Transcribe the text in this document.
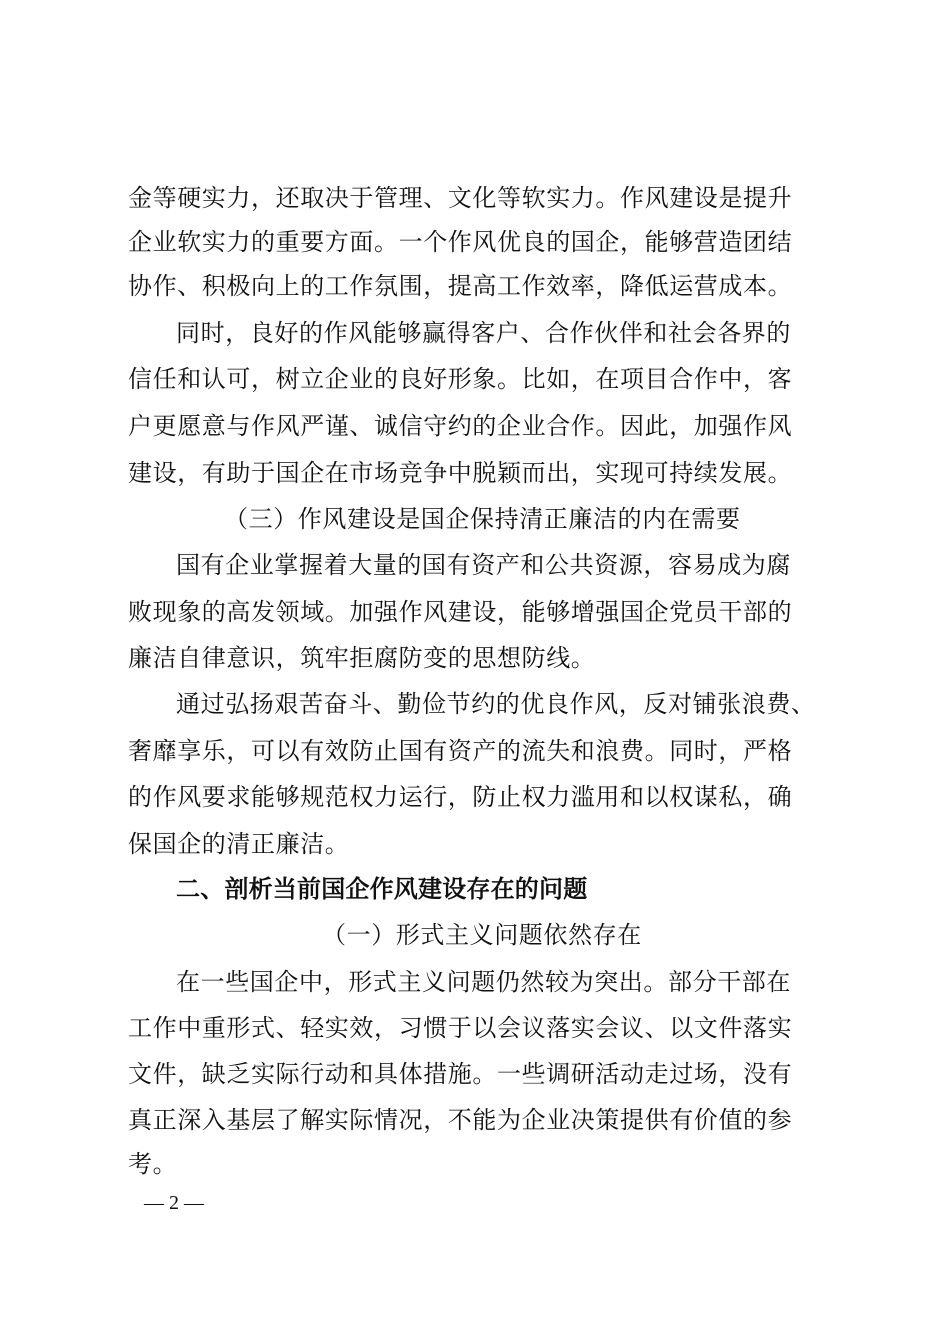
金等硬实力，还取决于管理、文化等软实力。作风建设是提升
企业软实力的重要方面。一个作风优良的国企，能够营造团结
协作、积极向上的工作氛围，提高工作效率，降低运营成本。
同时，良好的作风能够赢得客户、合作伙伴和社会各界的
信任和认可，树立企业的良好形象。比如，在项目合作中，客
户更愿意与作风严谨、诚信守约的企业合作。因此，加强作风
建设，有助于国企在市场竞争中脱颖而出，实现可持续发展。
（三）作风建设是国企保持清正廉洁的内在需要
国有企业掌握着大量的国有资产和公共资源，容易成为腐
败现象的高发领域。加强作风建设，能够增强国企党员干部的
廉洁自律意识，筑牢拒腐防变的思想防线。
通过弘扬艰苦奋斗、勤俭节约的优良作风，反对铺张浪费、
奢靡享乐，可以有效防止国有资产的流失和浪费。同时，严格
的作风要求能够规范权力运行，防止权力滥用和以权谋私，确
保国企的清正廉洁。
二、剖析当前国企作风建设存在的问题
（一）形式主义问题依然存在
在一些国企中，形式主义问题仍然较为突出。部分干部在
工作中重形式、轻实效，习惯于以会议落实会议、以文件落实
文件，缺乏实际行动和具体措施。一些调研活动走过场，没有
真正深入基层了解实际情况，不能为企业决策提供有价值的参
考。
— 2 —
